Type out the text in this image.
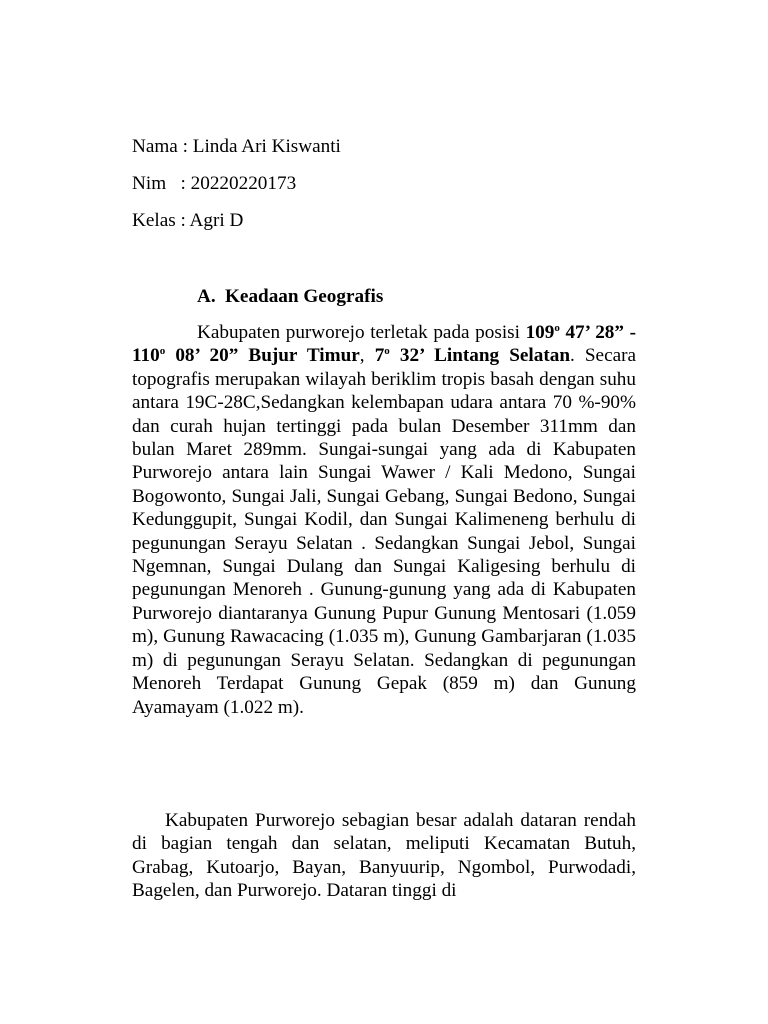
Nama : Linda Ari Kiswanti
Nim   : 20220220173
Kelas : Agri D
A. Keadaan Geografis

Kabupaten purworejo terletak pada posisi 109$^o$ 47’ 28” - 110$^o$ 08’ 20” Bujur Timur, 7$^o$ 32’ Lintang Selatan. Secara topografis merupakan wilayah beriklim tropis basah dengan suhu antara 19C-28C,Sedangkan kelembapan udara antara 70 %-90% dan curah hujan tertinggi pada bulan Desember 311mm dan bulan Maret 289mm. Sungai-sungai yang ada di Kabupaten Purworejo antara lain Sungai Wawer / Kali Medono, Sungai Bogowonto, Sungai Jali, Sungai Gebang, Sungai Bedono, Sungai Kedunggupit, Sungai Kodil, dan Sungai Kalimeneng berhulu di pegunungan Serayu Selatan . Sedangkan Sungai Jebol, Sungai Ngemnan, Sungai Dulang dan Sungai Kaligesing berhulu di pegunungan Menoreh . Gunung-gunung yang ada di Kabupaten Purworejo diantaranya Gunung Pupur Gunung Mentosari (1.059 m), Gunung Rawacacing (1.035 m), Gunung Gambarjaran (1.035 m) di pegunungan Serayu Selatan. Sedangkan di pegunungan Menoreh Terdapat Gunung Gepak (859 m) dan Gunung Ayamayam (1.022 m).

Kabupaten Purworejo sebagian besar adalah dataran rendah di bagian tengah dan selatan, meliputi Kecamatan Butuh, Grabag, Kutoarjo, Bayan, Banyuurip, Ngombol, Purwodadi, Bagelen, dan Purworejo. Dataran tinggi di
